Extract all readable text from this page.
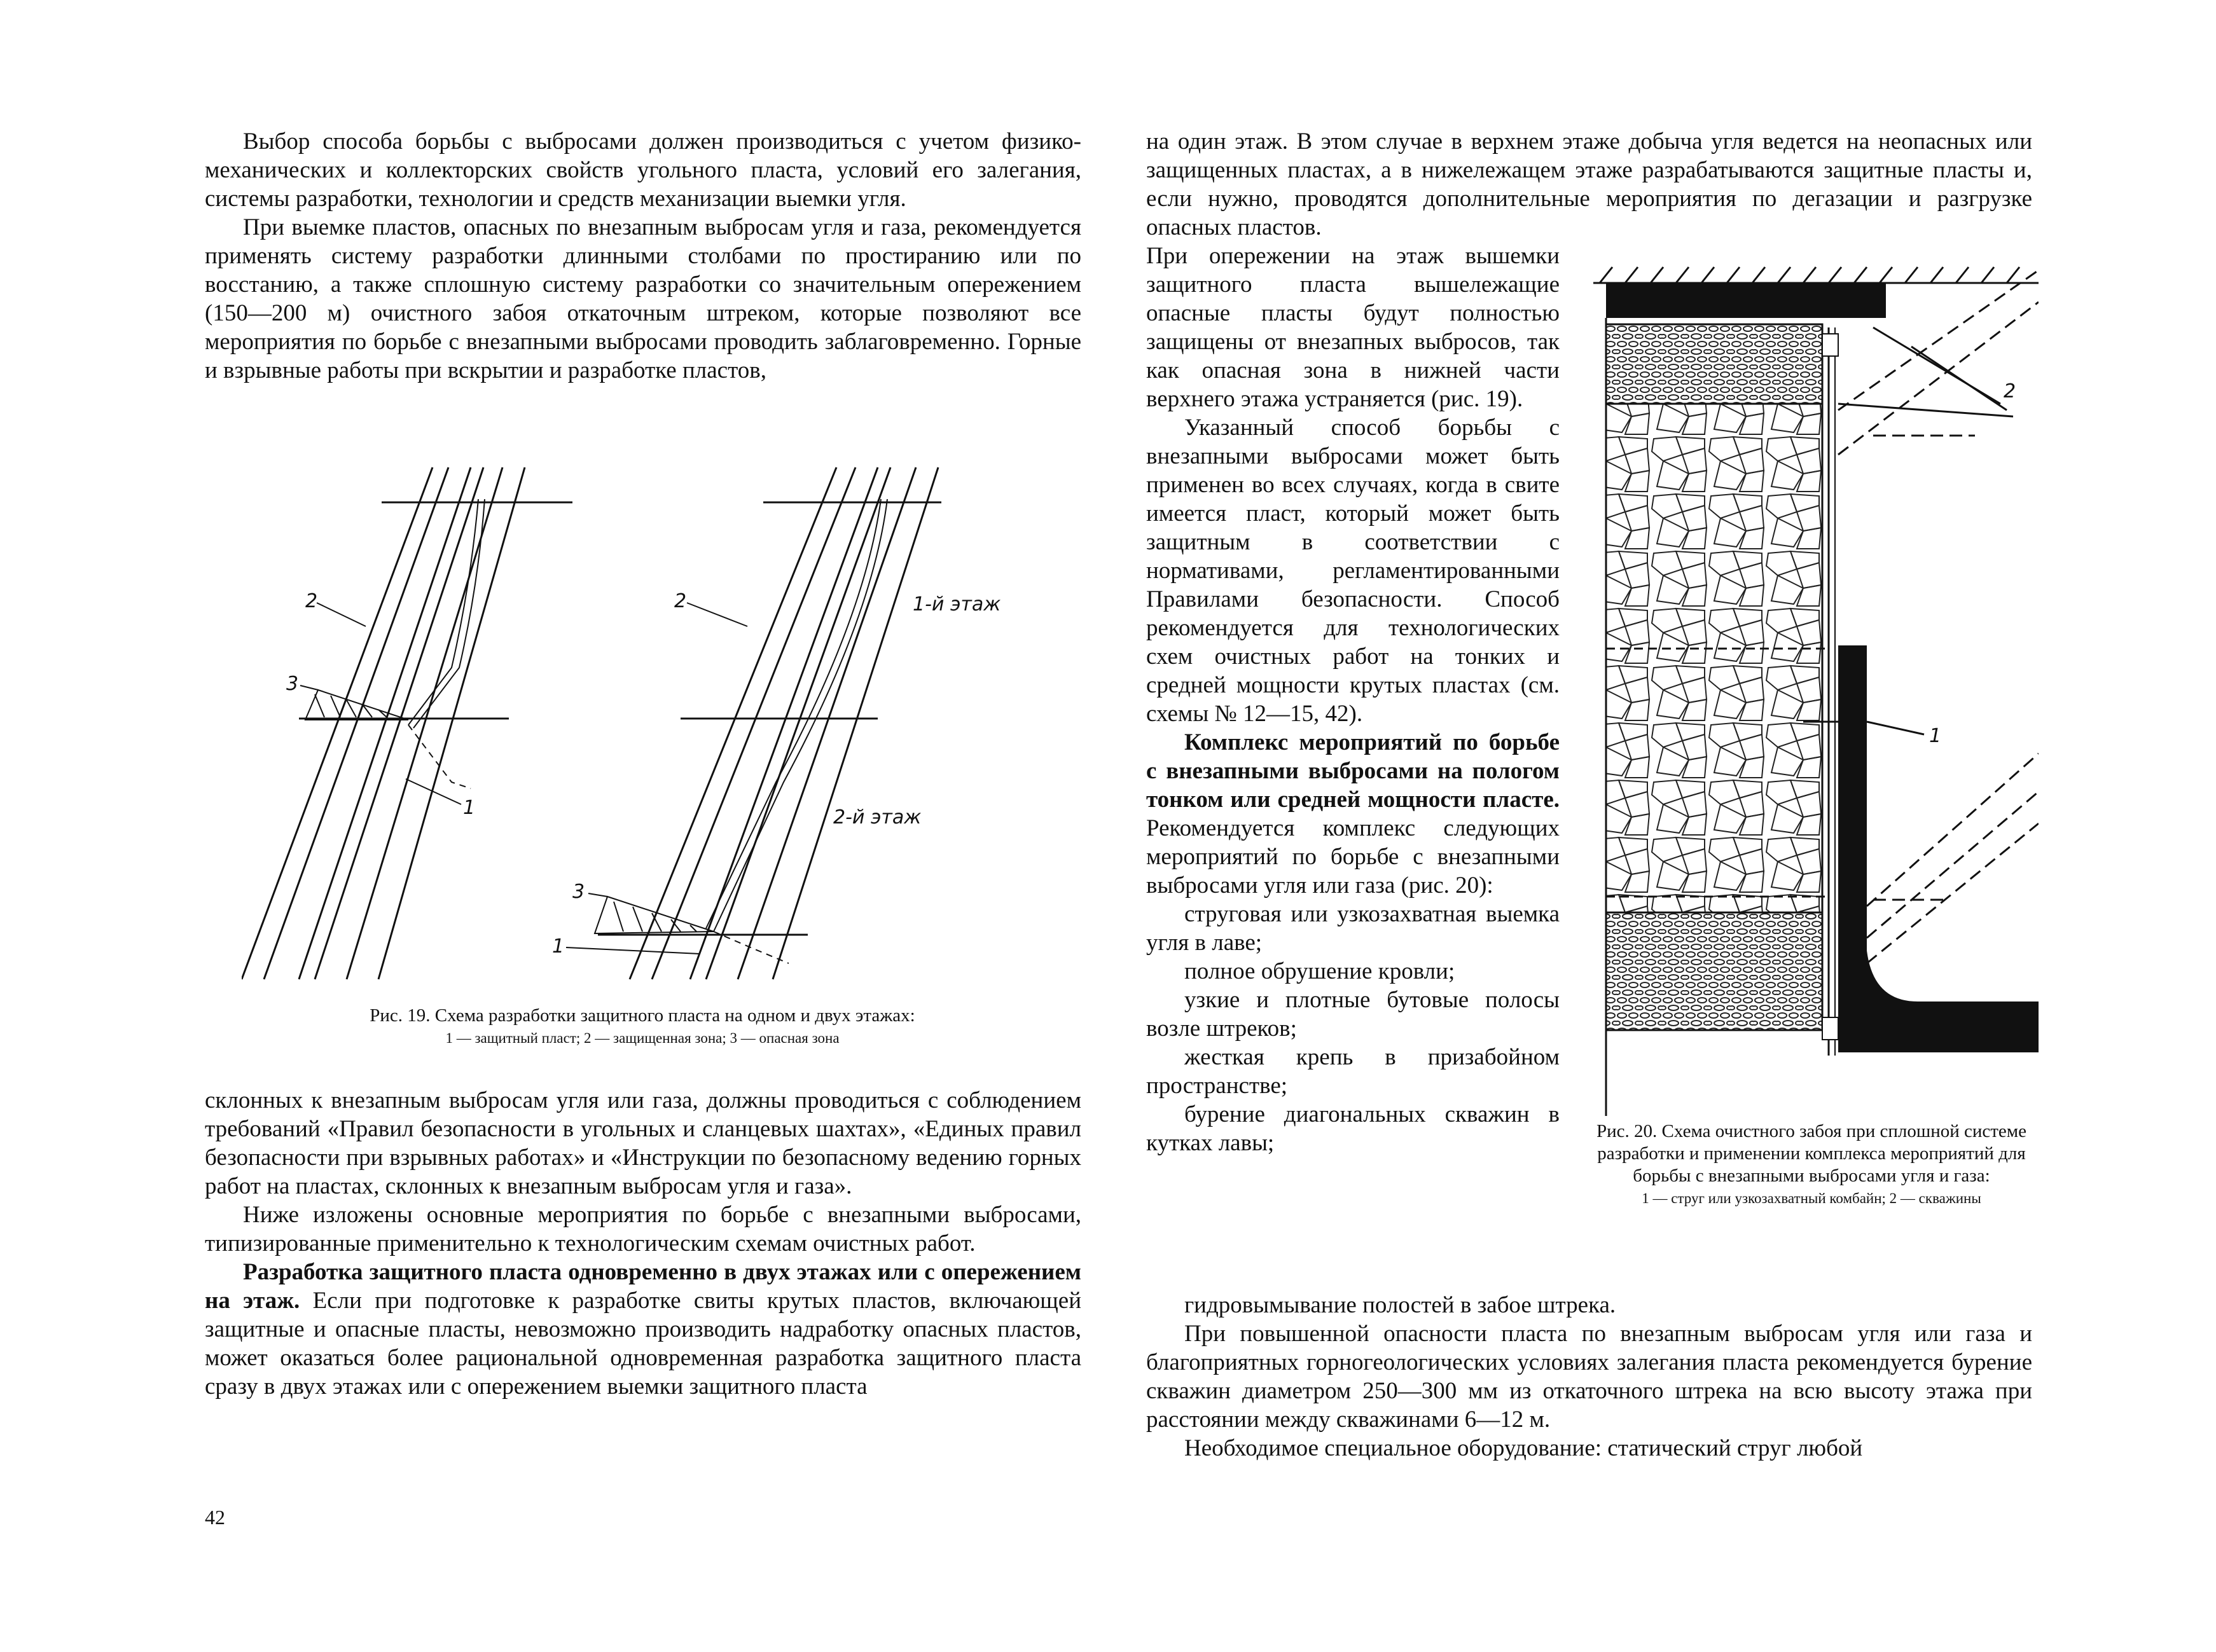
Выбор способа борьбы с выбросами должен производиться с учетом физико-механических и коллекторских свойств угольного пласта, условий его залегания, системы разработки, технологии и средств механизации выемки угля.

При выемке пластов, опасных по внезапным выбросам угля и газа, рекомендуется применять систему разработки длинными столбами по простиранию или по восстанию, а также сплошную систему разработки со значительным опережением (150—200 м) очистного забоя откаточным штреком, которые позволяют все мероприятия по борьбе с внезапными выбросами проводить заблаговременно. Горные и взрывные работы при вскрытии и разработке пластов,

2
3
1
2	1-й этаж
2-й этаж
3
1
Рис. 19. Схема разработки защитного пласта на одном и двух этажах:
1 — защитный пласт; 2 — защищенная зона; 3 — опасная зона

склонных к внезапным выбросам угля или газа, должны проводиться с соблюдением требований «Правил безопасности в угольных и сланцевых шахтах», «Единых правил безопасности при взрывных работах» и «Инструкции по безопасному ведению горных работ на пластах, склонных к внезапным выбросам угля и газа».

Ниже изложены основные мероприятия по борьбе с внезапными выбросами, типизированные применительно к технологическим схемам очистных работ.

Разработка защитного пласта одновременно в двух этажах или с опережением на этаж. Если при подготовке к разработке свиты крутых пластов, включающей защитные и опасные пласты, невозможно производить надработку опасных пластов, может оказаться более рациональной одновременная разработка защитного пласта сразу в двух этажах или с опережением выемки защитного пласта

42

на один этаж. В этом случае в верхнем этаже добыча угля ведется на неопасных или защищенных пластах, а в нижележащем этаже разрабатываются защитные пласты и, если нужно, проводятся дополнительные мероприятия по дегазации и разгрузке опасных пластов.

При опережении на этаж вышемки защитного пласта вышележащие опасные пласты будут полностью защищены от внезапных выбросов, так как опасная зона в нижней части верхнего этажа устраняется (рис. 19).

Указанный способ борьбы с внезапными выбросами может быть применен во всех случаях, когда в свите имеется пласт, который может быть защитным в соответствии с нормативами, регламентированными Правилами безопасности. Способ рекомендуется для технологических схем очистных работ на тонких и средней мощности крутых пластах (см. схемы № 12—15, 42).

Комплекс мероприятий по борьбе с внезапными выбросами на пологом тонком или средней мощности пласте. Рекомендуется комплекс следующих мероприятий по борьбе с внезапными выбросами угля или газа (рис. 20):

струговая или узкозахватная выемка угля в лаве;

полное обрушение кровли;

узкие и плотные бутовые полосы возле штреков;

жесткая крепь в призабойном пространстве;

бурение диагональных скважин в кутках лавы;

2
1
Рис. 20. Схема очистного забоя при сплошной системе разработки и применении комплекса мероприятий для борьбы с внезапными выбросами угля и газа:
1 — струг или узкозахватный комбайн; 2 — скважины

гидровымывание полостей в забое штрека.

При повышенной опасности пласта по внезапным выбросам угля или газа и благоприятных горногеологических условиях залегания пласта рекомендуется бурение скважин диаметром 250—300 мм из откаточного штрека на всю высоту этажа при расстоянии между скважинами 6—12 м.

Необходимое специальное оборудование: статический струг любой
